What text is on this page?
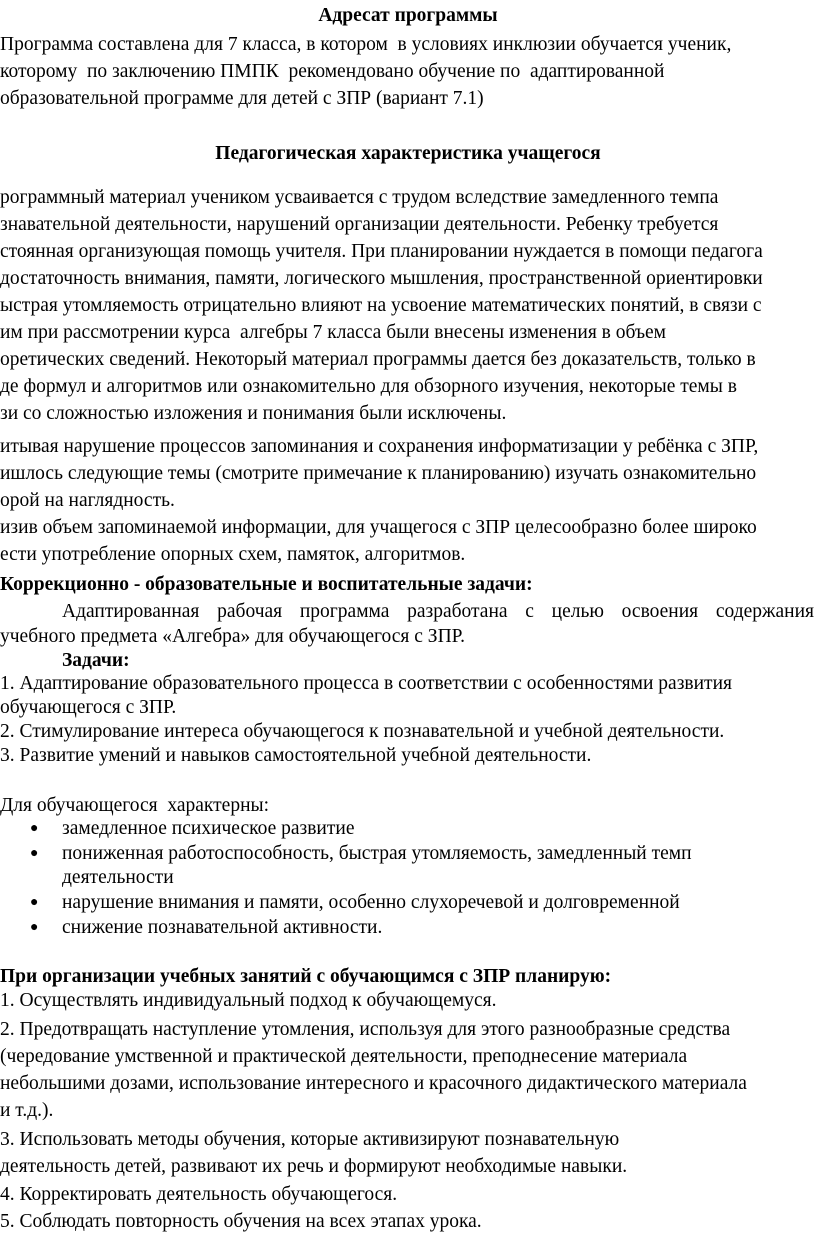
Адресат программы
Программа составлена для 7 класса, в котором  в условиях инклюзии обучается ученик,
которому  по заключению ПМПК  рекомендовано обучение по  адаптированной
образовательной программе для детей с ЗПР (вариант 7.1)
Педагогическая характеристика учащегося
рограммный материал учеником усваивается с трудом вследствие замедленного темпа
знавательной деятельности, нарушений организации деятельности. Ребенку требуется
стоянная организующая помощь учителя. При планировании нуждается в помощи педагога
достаточность внимания, памяти, логического мышления, пространственной ориентировки
ыстрая утомляемость отрицательно влияют на усвоение математических понятий, в связи с
им при рассмотрении курса  алгебры 7 класса были внесены изменения в объем
оретических сведений. Некоторый материал программы дается без доказательств, только в
де формул и алгоритмов или ознакомительно для обзорного изучения, некоторые темы в
зи со сложностью изложения и понимания были исключены.
итывая нарушение процессов запоминания и сохранения информатизации у ребёнка с ЗПР,
ишлось следующие темы (смотрите примечание к планированию) изучать ознакомительно
орой на наглядность.
изив объем запоминаемой информации, для учащегося с ЗПР целесообразно более широко
ести употребление опорных схем, памяток, алгоритмов.
Коррекционно - образовательные и воспитательные задачи:
Адаптированная рабочая программа разработана с целью освоения содержания
учебного предмета «Алгебра» для обучающегося с ЗПР.
Задачи:
1. Адаптирование образовательного процесса в соответствии с особенностями развития
обучающегося с ЗПР.
2. Стимулирование интереса обучающегося к познавательной и учебной деятельности.
3. Развитие умений и навыков самостоятельной учебной деятельности.
Для обучающегося  характерны:
● замедленное психическое развитие
● пониженная работоспособность, быстрая утомляемость, замедленный темп
деятельности
● нарушение внимания и памяти, особенно слухоречевой и долговременной
● снижение познавательной активности.
При организации учебных занятий с обучающимся с ЗПР планирую:
1. Осуществлять индивидуальный подход к обучающемуся.
2. Предотвращать наступление утомления, используя для этого разнообразные средства
(чередование умственной и практической деятельности, преподнесение материала
небольшими дозами, использование интересного и красочного дидактического материала
и т.д.).
3. Использовать методы обучения, которые активизируют познавательную
деятельность детей, развивают их речь и формируют необходимые навыки.
4. Корректировать деятельность обучающегося.
5. Соблюдать повторность обучения на всех этапах урока.
